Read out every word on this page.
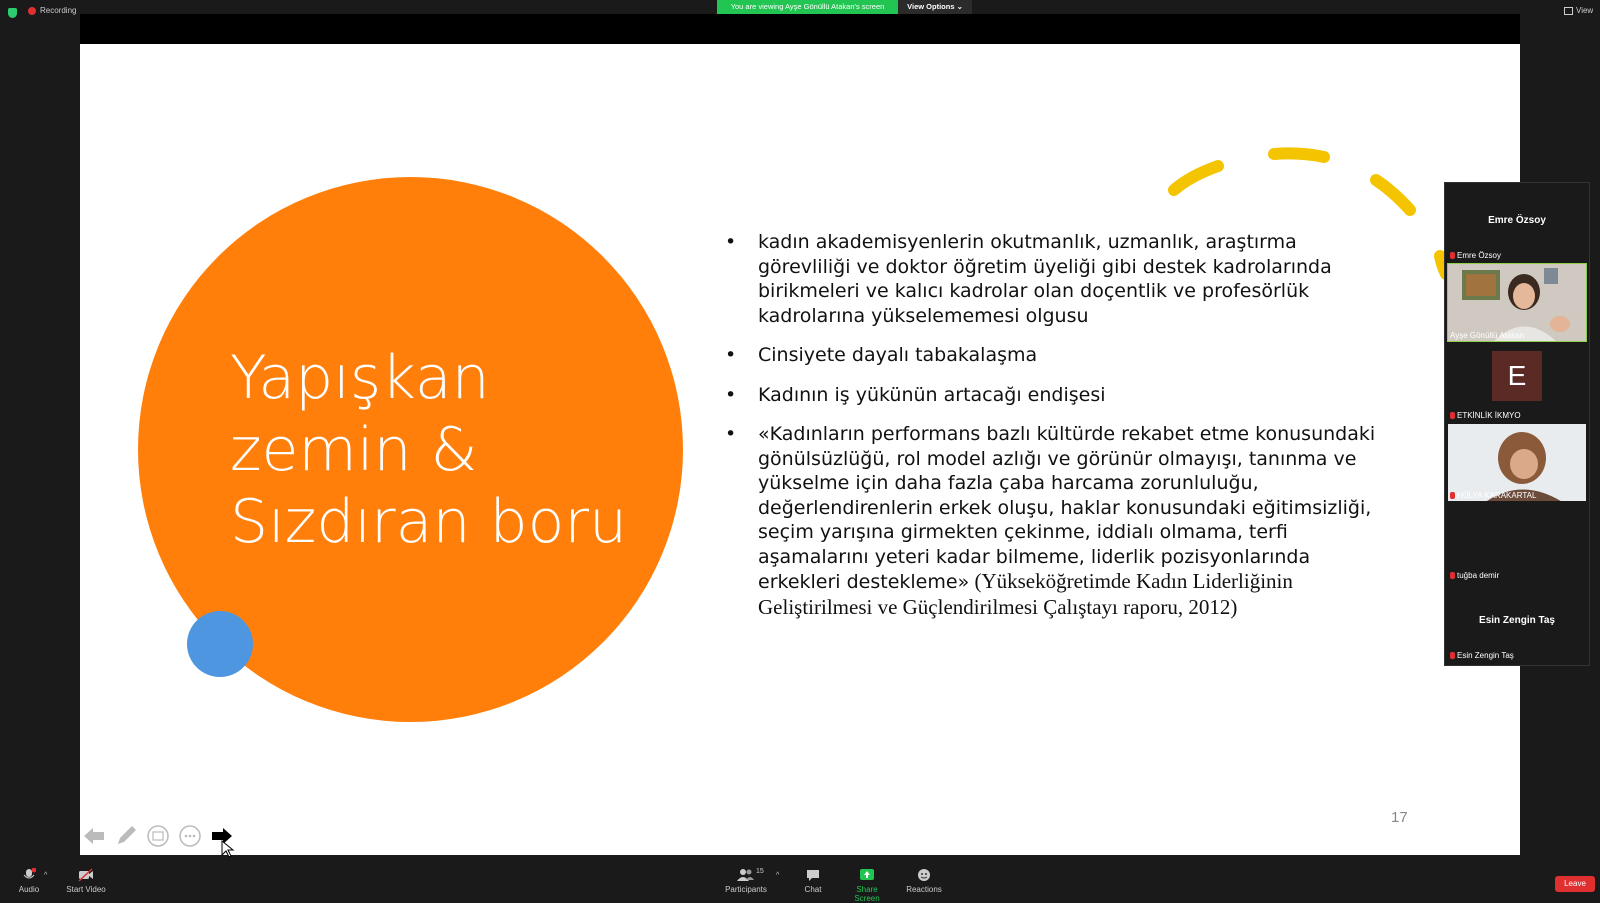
Recording	You are viewing Ayşe Gönüllü Atakan's screen	View Options ⌄	View
Yapışkan
zemin &
Sızdıran boru
• kadın akademisyenlerin okutmanlık, uzmanlık, araştırma görevliliği ve doktor öğretim üyeliği gibi destek kadrolarında birikmeleri ve kalıcı kadrolar olan doçentlik ve profesörlük kadrolarına yükselememesi olgusu
• Cinsiyete dayalı tabakalaşma
• Kadının iş yükünün artacağı endişesi
• «Kadınların performans bazlı kültürde rekabet etme konusundaki gönülsüzlüğü, rol model azlığı ve görünür olmayışı, tanınma ve yükselme için daha fazla çaba harcama zorunluluğu, değerlendirenlerin erkek oluşu, haklar konusundaki eğitimsizliği, seçim yarışına girmekten çekinme, iddialı olmama, terfi aşamalarını yeteri kadar bilmeme, liderlik pozisyonlarında erkekleri destekleme» (Yükseköğretimde Kadın Liderliğinin Geliştirilmesi ve Güçlendirilmesi Çalıştayı raporu, 2012)
17
Emre Özsoy
Emre Özsoy
Ayşe Gönüllü Atakan
E
ETKİNLİK İKMYO
HÜLYA KARAKARTAL
tuğba demir
Esin Zengin Taş
Esin Zengin Taş
Audio
^
Start Video	Participants
15
^
Chat	Share Screen
Reactions
Leave
